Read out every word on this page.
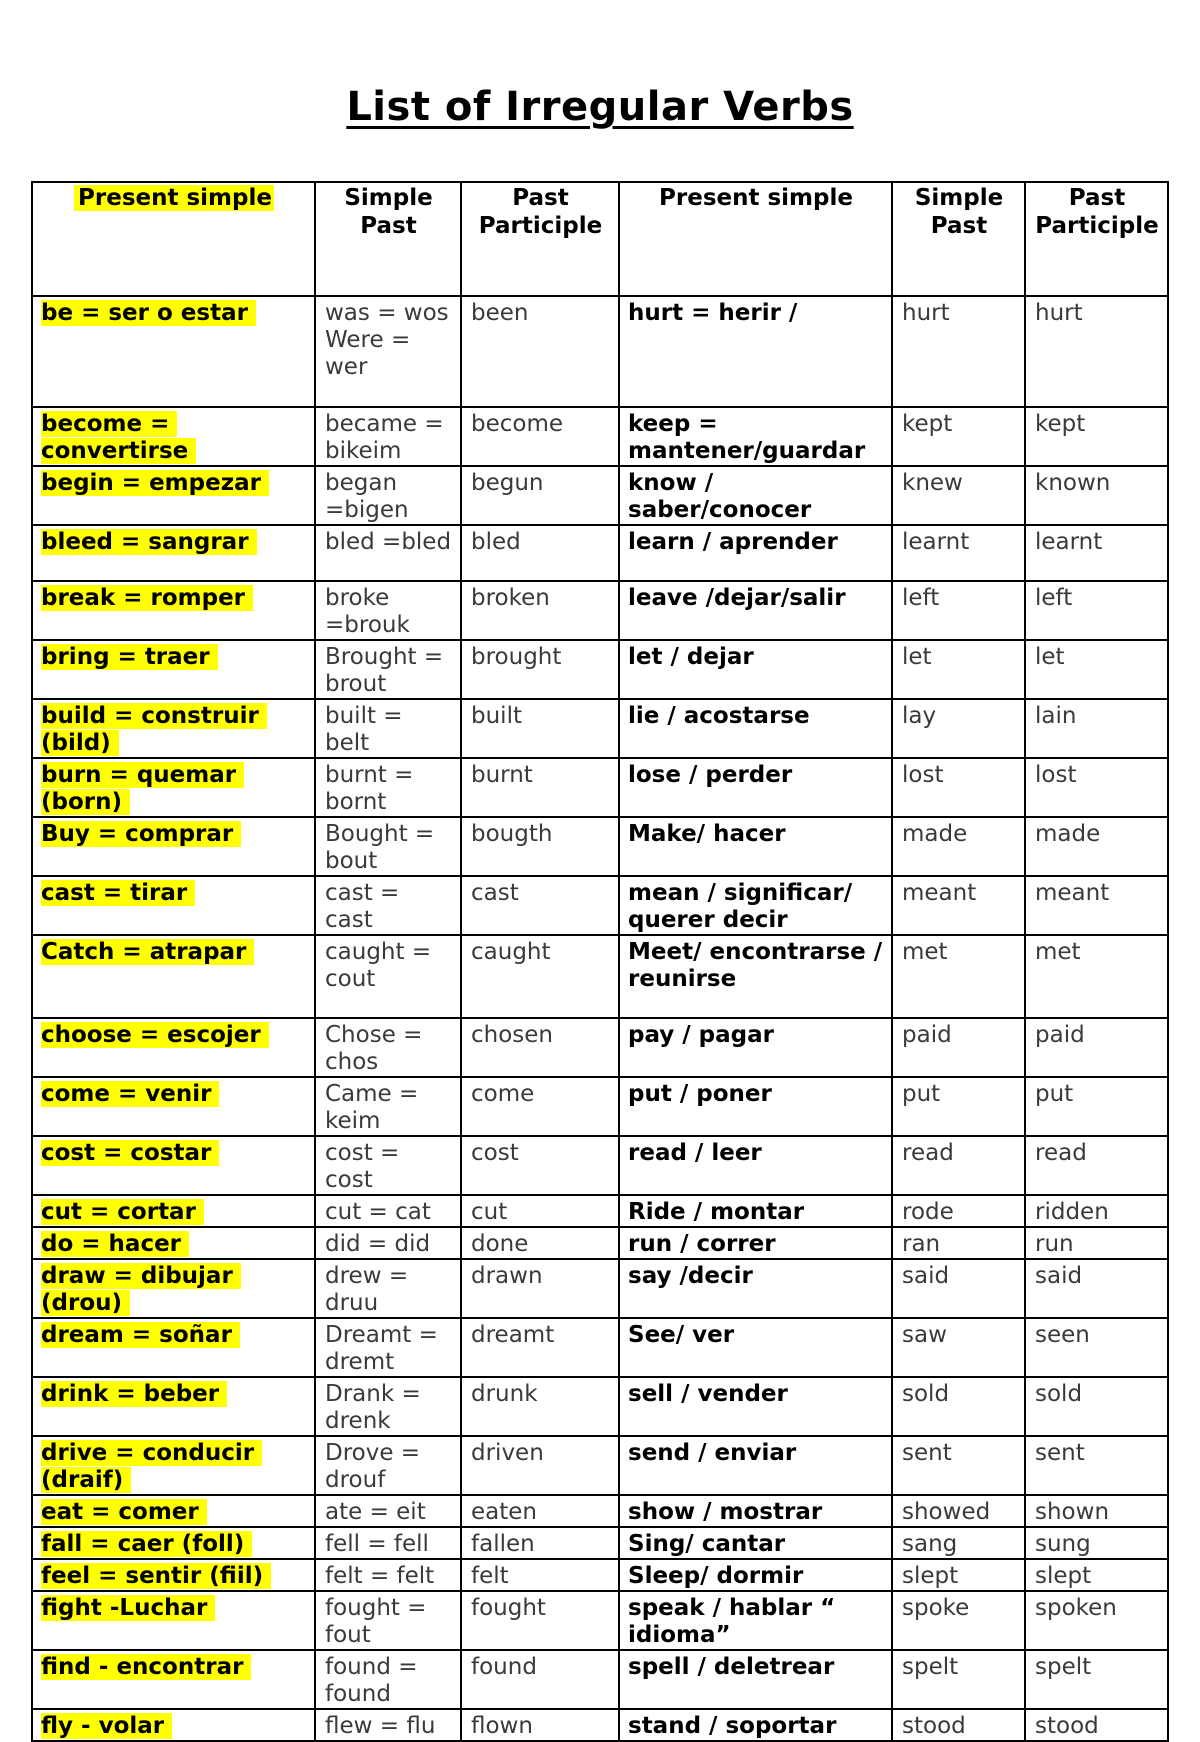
List of Irregular Verbs
Present simple	Simple Past	Past Participle	Present simple	Simple Past	Past Participle
be = ser o estar	was = wos Were = wer	been	hurt = herir /	hurt	hurt
become = convertirse	became = bikeim	become	keep = mantener/guardar	kept	kept
begin = empezar	began =bigen	begun	know / saber/conocer	knew	known
bleed = sangrar	bled =bled	bled	learn / aprender	learnt	learnt
break = romper	broke =brouk	broken	leave /dejar/salir	left	left
bring = traer	Brought = brout	brought	let / dejar	let	let
build = construir (bild)	built = belt	built	lie / acostarse	lay	lain
burn = quemar (born)	burnt = bornt	burnt	lose / perder	lost	lost
Buy = comprar	Bought = bout	bougth	Make/ hacer	made	made
cast = tirar	cast = cast	cast	mean / significar/ querer decir	meant	meant
Catch = atrapar	caught = cout	caught	Meet/ encontrarse / reunirse	met	met
choose = escojer	Chose = chos	chosen	pay / pagar	paid	paid
come = venir	Came = keim	come	put / poner	put	put
cost = costar	cost = cost	cost	read / leer	read	read
cut = cortar	cut = cat	cut	Ride / montar	rode	ridden
do = hacer	did = did	done	run / correr	ran	run
draw = dibujar (drou)	drew = druu	drawn	say /decir	said	said
dream = soñar	Dreamt = dremt	dreamt	See/ ver	saw	seen
drink = beber	Drank = drenk	drunk	sell / vender	sold	sold
drive = conducir (draif)	Drove = drouf	driven	send / enviar	sent	sent
eat = comer	ate = eit	eaten	show / mostrar	showed	shown
fall = caer (foll)	fell = fell	fallen	Sing/ cantar	sang	sung
feel = sentir (fiil)	felt = felt	felt	Sleep/ dormir	slept	slept
fight -Luchar	fought = fout	fought	speak / hablar “ idioma”	spoke	spoken
find - encontrar	found = found	found	spell / deletrear	spelt	spelt
fly - volar	flew = flu	flown	stand / soportar	stood	stood
